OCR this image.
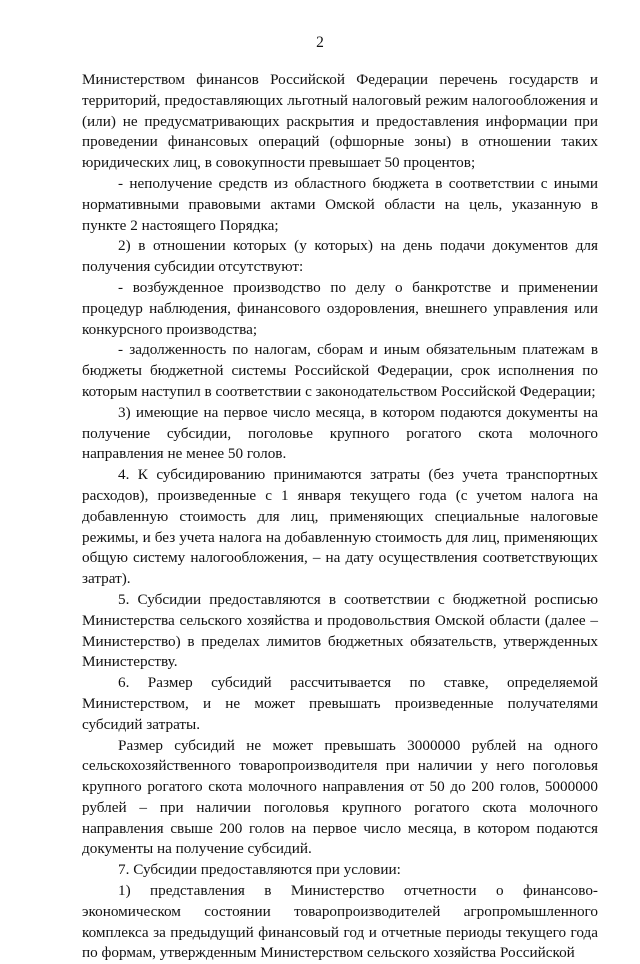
2

Министерством финансов Российской Федерации перечень государств и территорий, предоставляющих льготный налоговый режим налогообложения и (или) не предусматривающих раскрытия и предоставления информации при проведении финансовых операций (офшорные зоны) в отношении таких юридических лиц, в совокупности превышает 50 процентов;

- неполучение средств из областного бюджета в соответствии с иными нормативными правовыми актами Омской области на цель, указанную в пункте 2 настоящего Порядка;

2) в отношении которых (у которых) на день подачи документов для получения субсидии отсутствуют:

- возбужденное производство по делу о банкротстве и применении процедур наблюдения, финансового оздоровления, внешнего управления или конкурсного производства;

- задолженность по налогам, сборам и иным обязательным платежам в бюджеты бюджетной системы Российской Федерации, срок исполнения по которым наступил в соответствии с законодательством Российской Федерации;

3) имеющие на первое число месяца, в котором подаются документы на получение субсидии, поголовье крупного рогатого скота молочного направления не менее 50 голов.

4. К субсидированию принимаются затраты (без учета транспортных расходов), произведенные с 1 января текущего года (с учетом налога на добавленную стоимость для лиц, применяющих специальные налоговые режимы, и без учета налога на добавленную стоимость для лиц, применяющих общую систему налогообложения, – на дату осуществления соответствующих затрат).

5. Субсидии предоставляются в соответствии с бюджетной росписью Министерства сельского хозяйства и продовольствия Омской области (далее – Министерство) в пределах лимитов бюджетных обязательств, утвержденных Министерству.

6. Размер субсидий рассчитывается по ставке, определяемой Министерством, и не может превышать произведенные получателями субсидий затраты.

Размер субсидий не может превышать 3000000 рублей на одного сельскохозяйственного товаропроизводителя при наличии у него поголовья крупного рогатого скота молочного направления от 50 до 200 голов, 5000000 рублей – при наличии поголовья крупного рогатого скота молочного направления свыше 200 голов на первое число месяца, в котором подаются документы на получение субсидий.

7. Субсидии предоставляются при условии:

1) представления в Министерство отчетности о финансово-экономическом состоянии товаропроизводителей агропромышленного комплекса за предыдущий финансовый год и отчетные периоды текущего года по формам, утвержденным Министерством сельского хозяйства Российской
